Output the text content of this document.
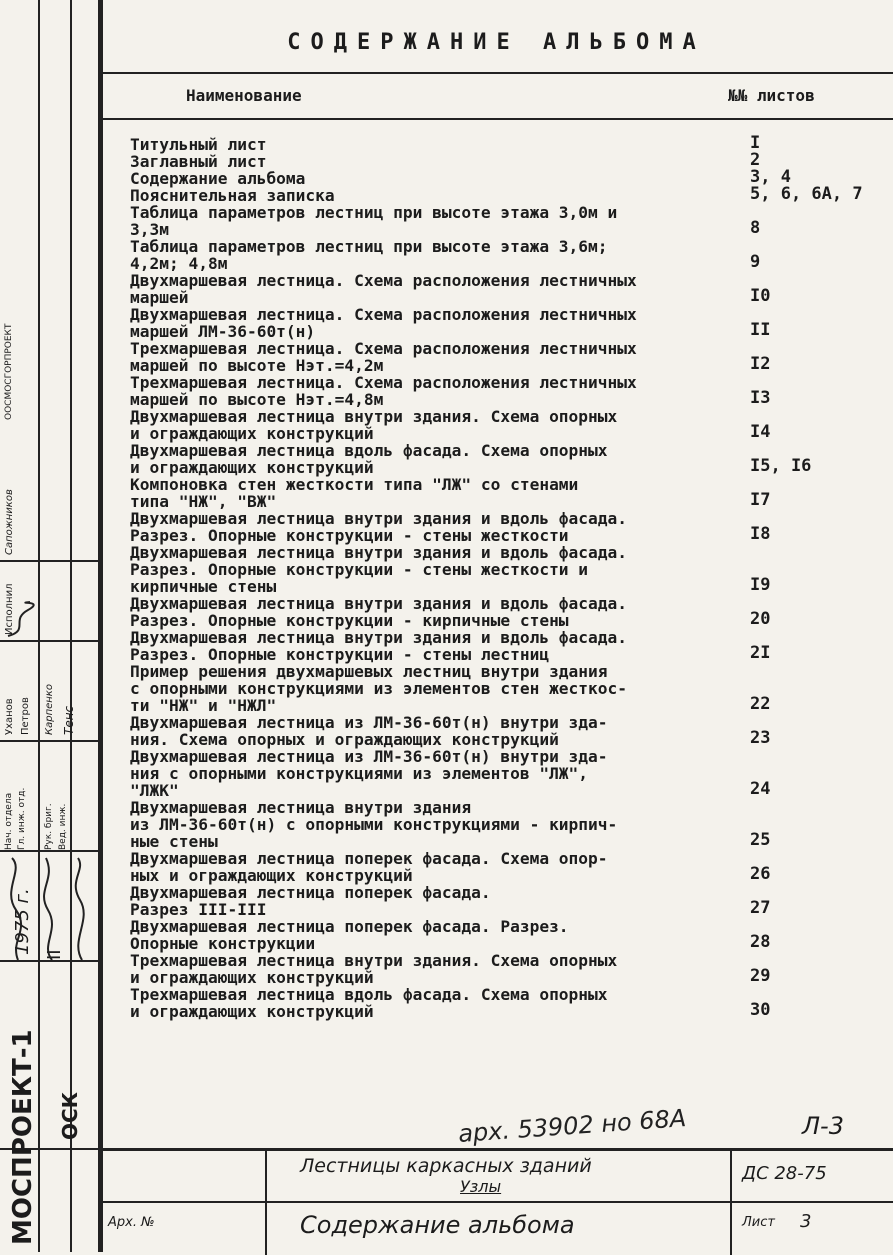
МОСПРОЕКТ-1
1975 г.
ОСК
II
Нач. отдела Гл. инж. отд. Рук. бриг. Вед. инж.
Уханов Петров Карпенко Тенс
Исполнил
Сапожников
ООСМОСГОРПРОЕКТ
СОДЕРЖАНИЕ АЛЬБОМА
Наименование	№№ листов
Титульный лист	I
Заглавный лист	2
Содержание альбома	3, 4
Пояснительная записка	5, 6, 6А, 7
Таблица параметров лестниц при высоте этажа 3,0м и
3,3м	8
Таблица параметров лестниц при высоте этажа 3,6м;
4,2м; 4,8м	9
Двухмаршевая лестница. Схема расположения лестничных
маршей	I0
Двухмаршевая лестница. Схема расположения лестничных
маршей ЛМ-36-60т(н)	II
Трехмаршевая лестница. Схема расположения лестничных
маршей по высоте Нэт.=4,2м	I2
Трехмаршевая лестница. Схема расположения лестничных
маршей по высоте Нэт.=4,8м	I3
Двухмаршевая лестница внутри здания. Схема опорных
и ограждающих конструкций	I4
Двухмаршевая лестница вдоль фасада. Схема опорных
и ограждающих конструкций	I5, I6
Компоновка стен жесткости типа "ЛЖ" со стенами
типа "НЖ", "ВЖ"	I7
Двухмаршевая лестница внутри здания и вдоль фасада.
Разрез. Опорные конструкции - стены жесткости	I8
Двухмаршевая лестница внутри здания и вдоль фасада.
Разрез. Опорные конструкции - стены жесткости и
кирпичные стены	I9
Двухмаршевая лестница внутри здания и вдоль фасада.
Разрез. Опорные конструкции - кирпичные стены	20
Двухмаршевая лестница внутри здания и вдоль фасада.
Разрез. Опорные конструкции - стены лестниц	2I
Пример решения двухмаршевых лестниц внутри здания
с опорными конструкциями из элементов стен жесткос-
ти "НЖ" и "НЖЛ"	22
Двухмаршевая лестница из ЛМ-36-60т(н) внутри зда-
ния. Схема опорных и ограждающих конструкций	23
Двухмаршевая лестница из ЛМ-36-60т(н) внутри зда-
ния с опорными конструкциями из элементов "ЛЖ",
"ЛЖК"	24
Двухмаршевая лестница внутри здания
из ЛМ-36-60т(н) с опорными конструкциями - кирпич-
ные стены	25
Двухмаршевая лестница поперек фасада. Схема опор-
ных и ограждающих конструкций	26
Двухмаршевая лестница поперек фасада.
Разрез III-III	27
Двухмаршевая лестница поперек фасада. Разрез.
Опорные конструкции	28
Трехмаршевая лестница внутри здания. Схема опорных
и ограждающих конструкций	29
Трехмаршевая лестница вдоль фасада. Схема опорных
и ограждающих конструкций	30
арх. 53902 но 68А	Л-3
Лестницы каркасных зданий
Узлы
Содержание альбома
ДС 28-75
Лист 3
Арх. №
